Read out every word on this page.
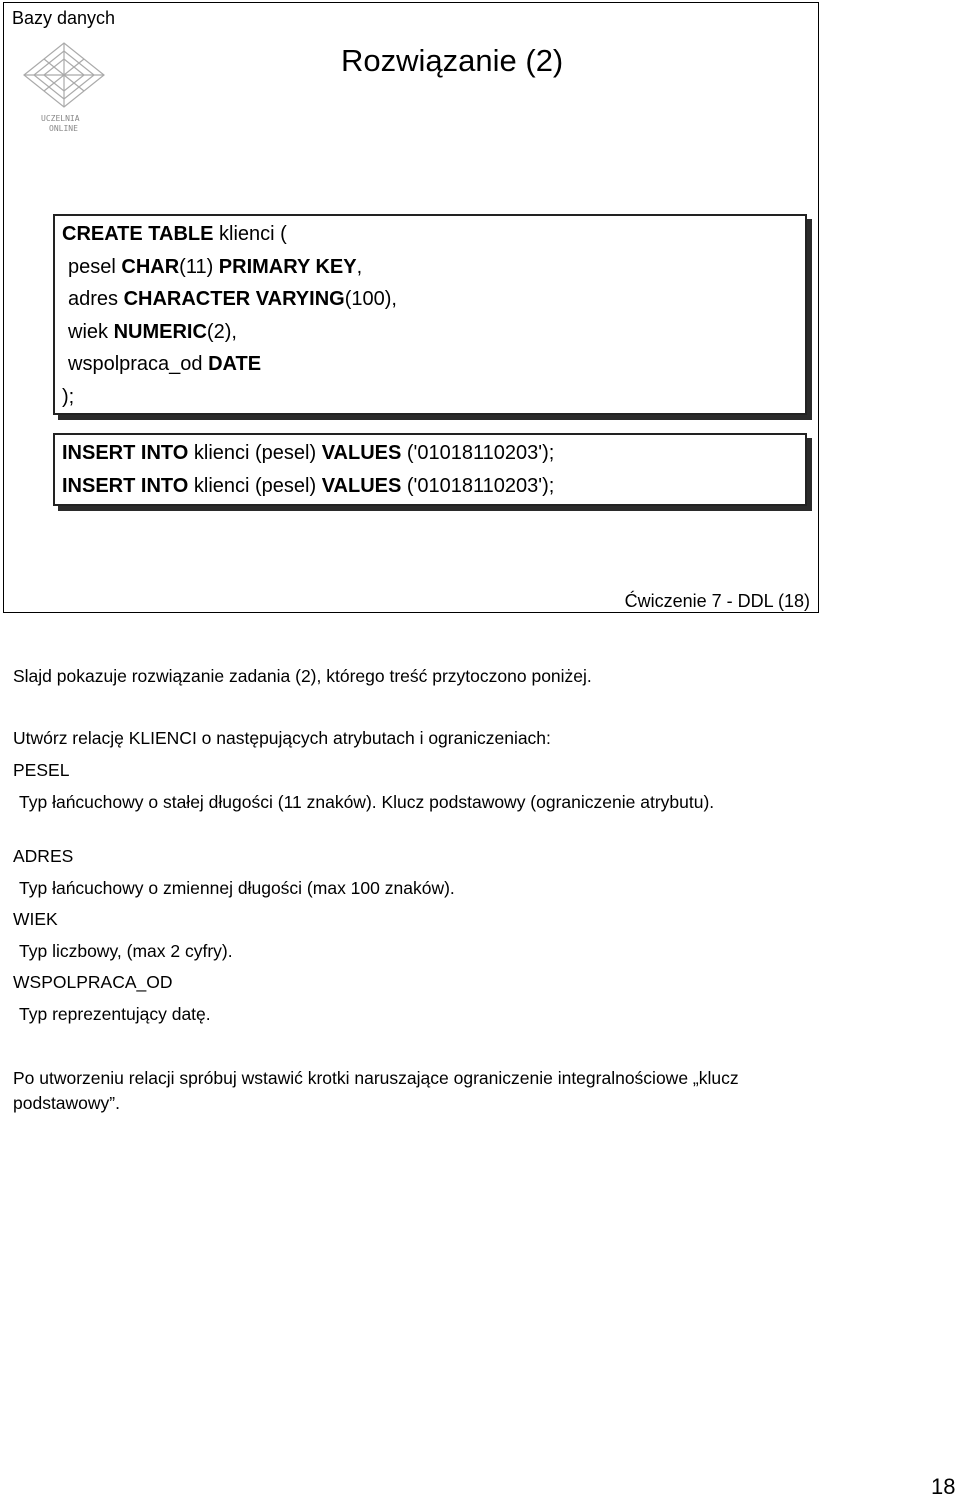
Bazy danych
Rozwiązanie (2)
UCZELNIA
ONLINE
CREATE TABLE klienci (
pesel CHAR(11) PRIMARY KEY,
adres CHARACTER VARYING(100),
wiek NUMERIC(2),
wspolpraca_od DATE
);
INSERT INTO klienci (pesel) VALUES ('01018110203');
INSERT INTO klienci (pesel) VALUES ('01018110203');
Ćwiczenie 7 - DDL (18)

Slajd pokazuje rozwiązanie zadania (2), którego treść przytoczono poniżej.

Utwórz relację KLIENCI o następujących atrybutach i ograniczeniach:

PESEL

Typ łańcuchowy o stałej długości (11 znaków). Klucz podstawowy (ograniczenie atrybutu).

ADRES

Typ łańcuchowy o zmiennej długości (max 100 znaków).

WIEK

Typ liczbowy, (max 2 cyfry).

WSPOLPRACA_OD

Typ reprezentujący datę.

Po utworzeniu relacji spróbuj wstawić krotki naruszające ograniczenie integralnościowe „klucz podstawowy”.

18
